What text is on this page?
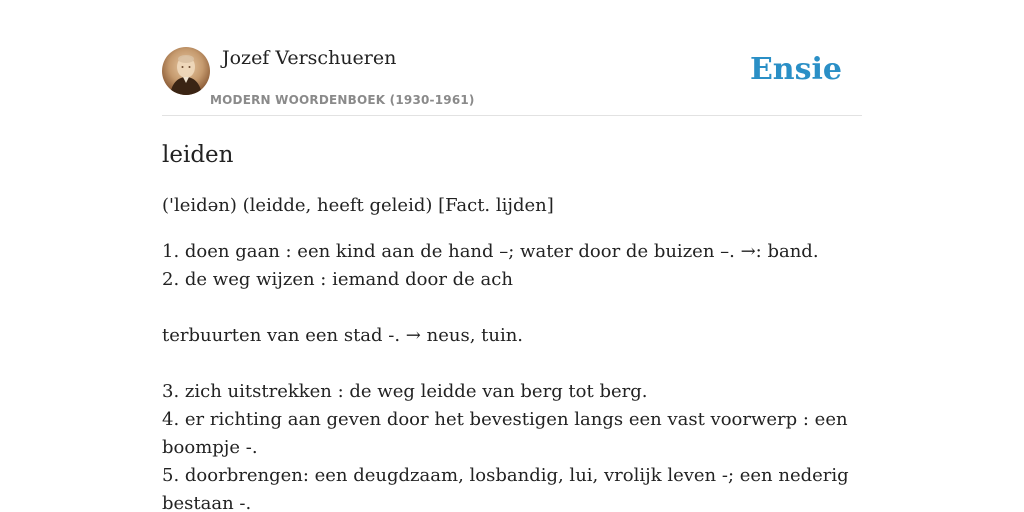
Jozef Verschueren
MODERN WOORDENBOEK (1930-1961)
Ensie
leiden

('leidən) (leidde, heeft geleid) [Fact. lijden]

1. doen gaan : een kind aan de hand –; water door de buizen –. →: band.

2. de weg wijzen : iemand door de ach

terbuurten van een stad -. → neus, tuin.

3. zich uitstrekken : de weg leidde van berg tot berg.

4. er richting aan geven door het bevestigen langs een vast voorwerp : een boompje -.

5. doorbrengen: een deugdzaam, losbandig, lui, vrolijk leven -; een nederig bestaan -.
